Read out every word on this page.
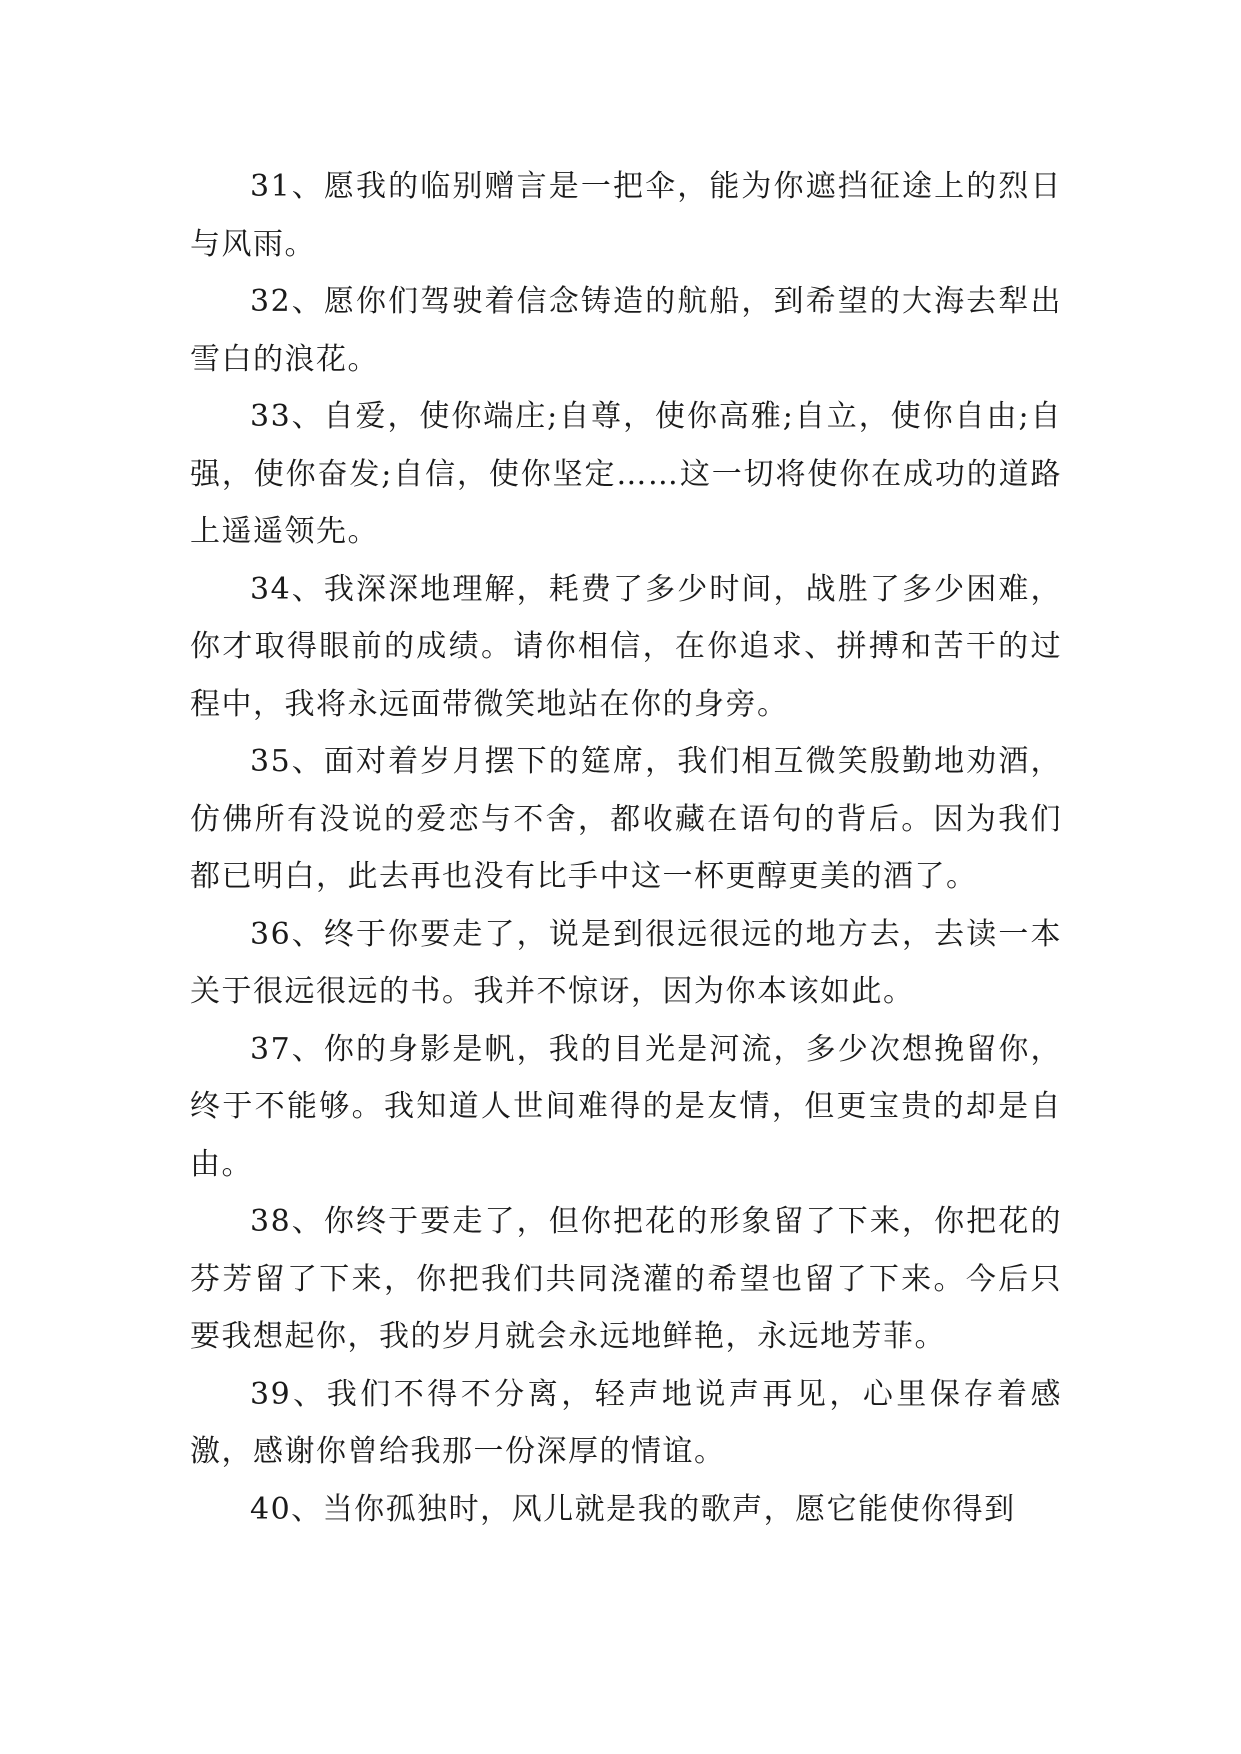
31、愿我的临别赠言是一把伞，能为你遮挡征途上的烈日与风雨。

32、愿你们驾驶着信念铸造的航船，到希望的大海去犁出雪白的浪花。

33、自爱，使你端庄;自尊，使你高雅;自立，使你自由;自强，使你奋发;自信，使你坚定……这一切将使你在成功的道路上遥遥领先。

34、我深深地理解，耗费了多少时间，战胜了多少困难，你才取得眼前的成绩。请你相信，在你追求、拼搏和苦干的过程中，我将永远面带微笑地站在你的身旁。

35、面对着岁月摆下的筵席，我们相互微笑殷勤地劝酒，仿佛所有没说的爱恋与不舍，都收藏在语句的背后。因为我们都已明白，此去再也没有比手中这一杯更醇更美的酒了。

36、终于你要走了，说是到很远很远的地方去，去读一本关于很远很远的书。我并不惊讶，因为你本该如此。

37、你的身影是帆，我的目光是河流，多少次想挽留你，终于不能够。我知道人世间难得的是友情，但更宝贵的却是自由。

38、你终于要走了，但你把花的形象留了下来，你把花的芬芳留了下来，你把我们共同浇灌的希望也留了下来。今后只要我想起你，我的岁月就会永远地鲜艳，永远地芳菲。

39、我们不得不分离，轻声地说声再见，心里保存着感激，感谢你曾给我那一份深厚的情谊。

40、当你孤独时，风儿就是我的歌声，愿它能使你得到
